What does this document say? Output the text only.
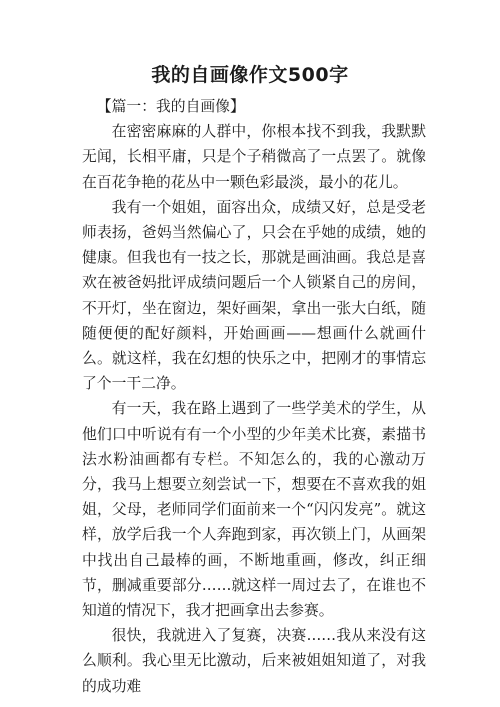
我的自画像作文500字

【篇一：我的自画像】

在密密麻麻的人群中，你根本找不到我，我默默无闻，长相平庸，只是个子稍微高了一点罢了。就像在百花争艳的花丛中一颗色彩最淡，最小的花儿。

我有一个姐姐，面容出众，成绩又好，总是受老师表扬，爸妈当然偏心了，只会在乎她的成绩，她的健康。但我也有一技之长，那就是画油画。我总是喜欢在被爸妈批评成绩问题后一个人锁紧自己的房间，不开灯，坐在窗边，架好画架，拿出一张大白纸，随随便便的配好颜料，开始画画——想画什么就画什么。就这样，我在幻想的快乐之中，把刚才的事情忘了个一干二净。

有一天，我在路上遇到了一些学美术的学生，从他们口中听说有有一个小型的少年美术比赛，素描书法水粉油画都有专栏。不知怎么的，我的心激动万分，我马上想要立刻尝试一下，想要在不喜欢我的姐姐，父母，老师同学们面前来一个“闪闪发亮”。就这样，放学后我一个人奔跑到家，再次锁上门，从画架中找出自己最棒的画，不断地重画，修改，纠正细节，删减重要部分……就这样一周过去了，在谁也不知道的情况下，我才把画拿出去参赛。

很快，我就进入了复赛，决赛……我从来没有这么顺利。我心里无比激动，后来被姐姐知道了，对我的成功难
